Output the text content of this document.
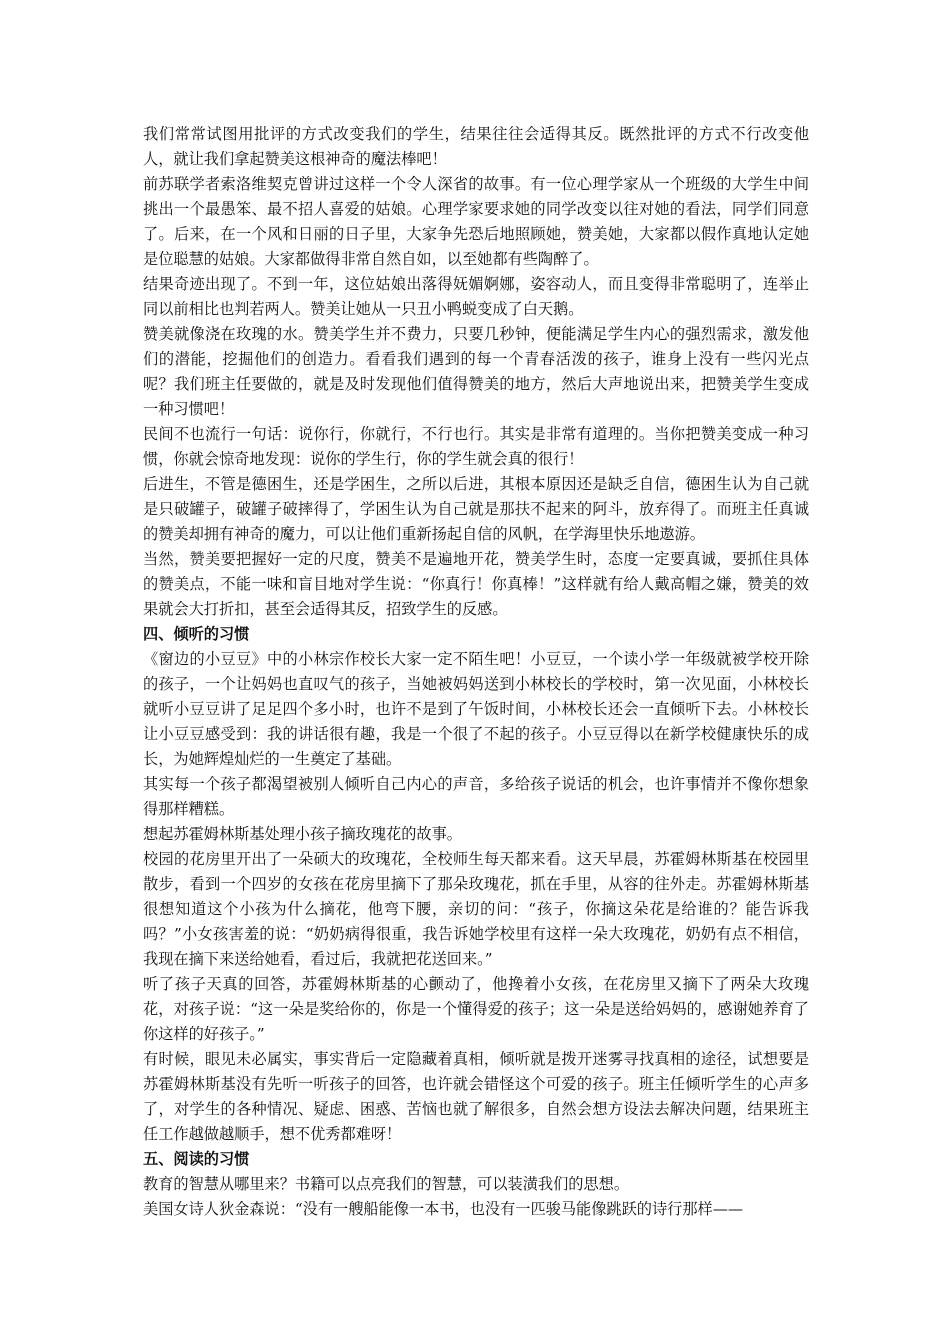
我们常常试图用批评的方式改变我们的学生，结果往往会适得其反。既然批评的方式不行改变他人，就让我们拿起赞美这根神奇的魔法棒吧！

前苏联学者索洛维契克曾讲过这样一个令人深省的故事。有一位心理学家从一个班级的大学生中间挑出一个最愚笨、最不招人喜爱的姑娘。心理学家要求她的同学改变以往对她的看法，同学们同意了。后来，在一个风和日丽的日子里，大家争先恐后地照顾她，赞美她，大家都以假作真地认定她是位聪慧的姑娘。大家都做得非常自然自如，以至她都有些陶醉了。

结果奇迹出现了。不到一年，这位姑娘出落得妩媚婀娜，姿容动人，而且变得非常聪明了，连举止同以前相比也判若两人。赞美让她从一只丑小鸭蜕变成了白天鹅。

赞美就像浇在玫瑰的水。赞美学生并不费力，只要几秒钟，便能满足学生内心的强烈需求，激发他们的潜能，挖掘他们的创造力。看看我们遇到的每一个青春活泼的孩子，谁身上没有一些闪光点呢？我们班主任要做的，就是及时发现他们值得赞美的地方，然后大声地说出来，把赞美学生变成一种习惯吧！

民间不也流行一句话：说你行，你就行，不行也行。其实是非常有道理的。当你把赞美变成一种习惯，你就会惊奇地发现：说你的学生行，你的学生就会真的很行！

后进生，不管是德困生，还是学困生，之所以后进，其根本原因还是缺乏自信，德困生认为自己就是只破罐子，破罐子破摔得了，学困生认为自己就是那扶不起来的阿斗，放弃得了。而班主任真诚的赞美却拥有神奇的魔力，可以让他们重新扬起自信的风帆，在学海里快乐地遨游。

当然，赞美要把握好一定的尺度，赞美不是遍地开花，赞美学生时，态度一定要真诚，要抓住具体的赞美点，不能一味和盲目地对学生说：“你真行！你真棒！”这样就有给人戴高帽之嫌，赞美的效果就会大打折扣，甚至会适得其反，招致学生的反感。

四、倾听的习惯

《窗边的小豆豆》中的小林宗作校长大家一定不陌生吧！小豆豆，一个读小学一年级就被学校开除的孩子，一个让妈妈也直叹气的孩子，当她被妈妈送到小林校长的学校时，第一次见面，小林校长就听小豆豆讲了足足四个多小时，也许不是到了午饭时间，小林校长还会一直倾听下去。小林校长让小豆豆感受到：我的讲话很有趣，我是一个很了不起的孩子。小豆豆得以在新学校健康快乐的成长，为她辉煌灿烂的一生奠定了基础。

其实每一个孩子都渴望被别人倾听自己内心的声音，多给孩子说话的机会，也许事情并不像你想象得那样糟糕。

想起苏霍姆林斯基处理小孩子摘玫瑰花的故事。

校园的花房里开出了一朵硕大的玫瑰花，全校师生每天都来看。这天早晨，苏霍姆林斯基在校园里散步，看到一个四岁的女孩在花房里摘下了那朵玫瑰花，抓在手里，从容的往外走。苏霍姆林斯基很想知道这个小孩为什么摘花，他弯下腰，亲切的问：“孩子，你摘这朵花是给谁的？能告诉我吗？”小女孩害羞的说：“奶奶病得很重，我告诉她学校里有这样一朵大玫瑰花，奶奶有点不相信，我现在摘下来送给她看，看过后，我就把花送回来。”

听了孩子天真的回答，苏霍姆林斯基的心颤动了，他搀着小女孩，在花房里又摘下了两朵大玫瑰花，对孩子说：“这一朵是奖给你的，你是一个懂得爱的孩子；这一朵是送给妈妈的，感谢她养育了你这样的好孩子。”

有时候，眼见未必属实，事实背后一定隐藏着真相，倾听就是拨开迷雾寻找真相的途径，试想要是苏霍姆林斯基没有先听一听孩子的回答，也许就会错怪这个可爱的孩子。班主任倾听学生的心声多了，对学生的各种情况、疑虑、困惑、苦恼也就了解很多，自然会想方设法去解决问题，结果班主任工作越做越顺手，想不优秀都难呀！

五、阅读的习惯

教育的智慧从哪里来？书籍可以点亮我们的智慧，可以装潢我们的思想。

美国女诗人狄金森说：“没有一艘船能像一本书，也没有一匹骏马能像跳跃的诗行那样——
